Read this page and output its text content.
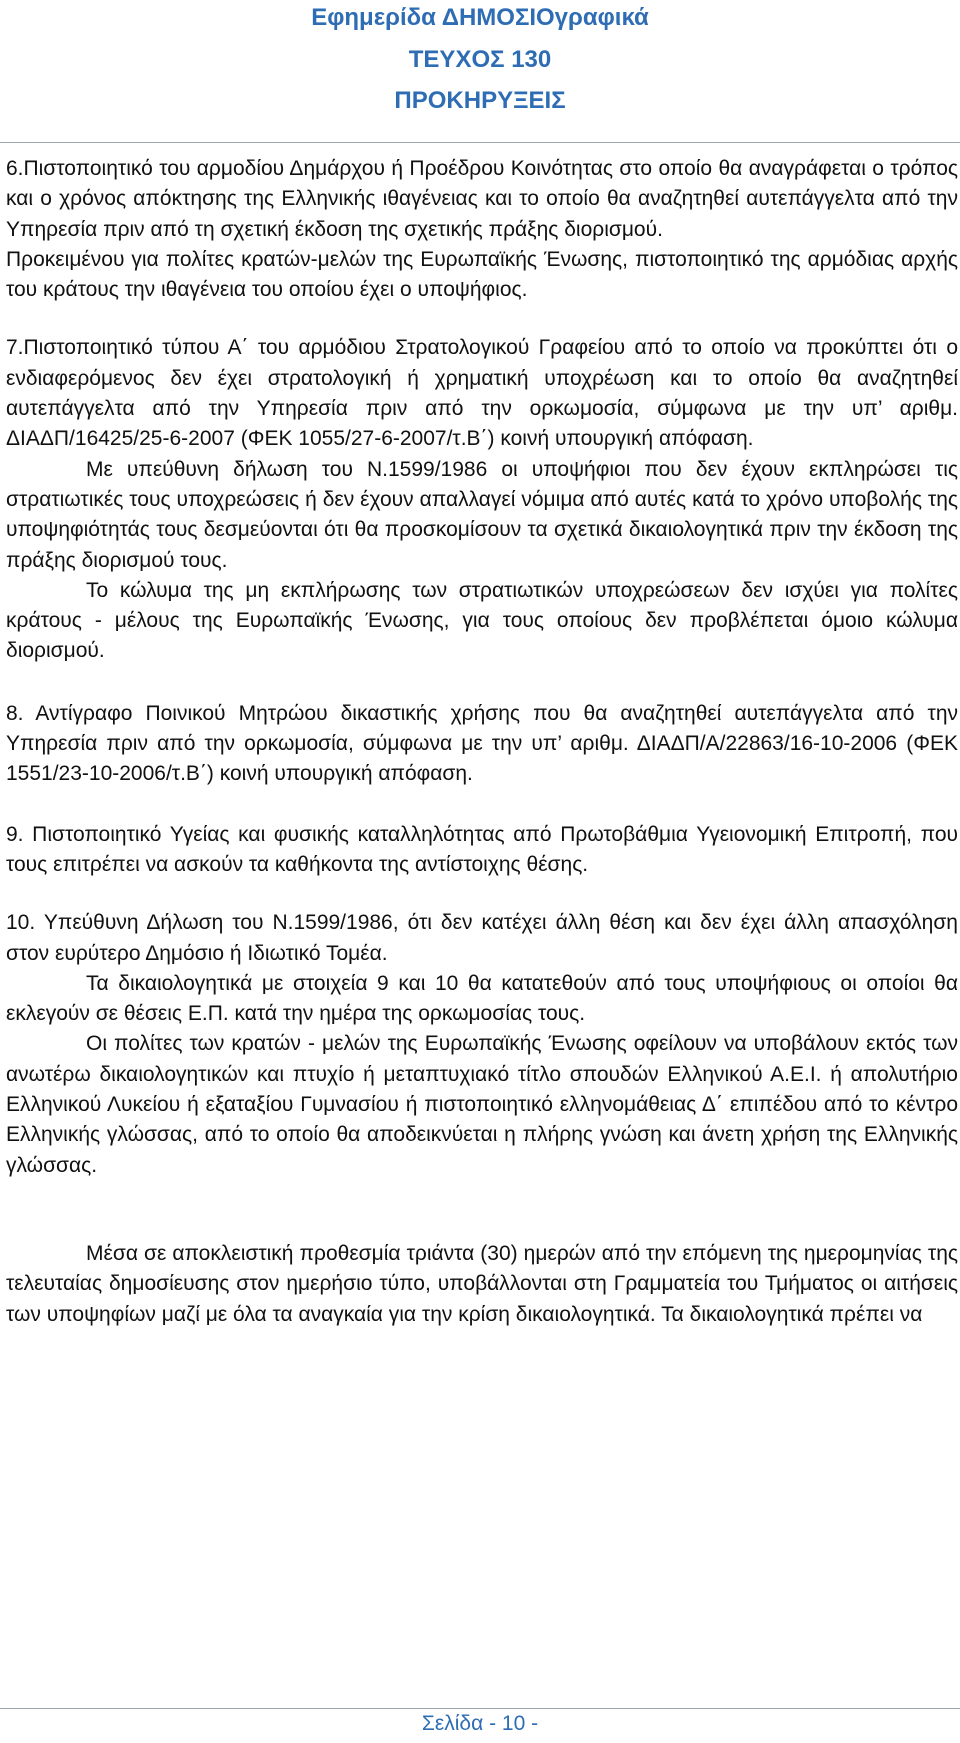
Εφημερίδα ΔΗΜΟΣΙΟγραφικά
ΤΕΥΧΟΣ 130
ΠΡΟΚΗΡΥΞΕΙΣ

6.Πιστοποιητικό του αρμοδίου Δημάρχου ή Προέδρου Κοινότητας στο οποίο θα αναγράφεται ο τρόπος και ο χρόνος απόκτησης της Ελληνικής ιθαγένειας και το οποίο θα αναζητηθεί αυτεπάγγελτα από την Υπηρεσία πριν από τη σχετική έκδοση της σχετικής πράξης διορισμού.

Προκειμένου για πολίτες κρατών-μελών της Ευρωπαϊκής Ένωσης, πιστοποιητικό της αρμόδιας αρχής του κράτους την ιθαγένεια του οποίου έχει ο υποψήφιος.

7.Πιστοποιητικό τύπου Α΄ του αρμόδιου Στρατολογικού Γραφείου από το οποίο να προκύπτει ότι ο ενδιαφερόμενος δεν έχει στρατολογική ή χρηματική υποχρέωση και το οποίο θα αναζητηθεί αυτεπάγγελτα από την Υπηρεσία πριν από την ορκωμοσία, σύμφωνα με την υπ’ αριθμ. ΔΙΑΔΠ/16425/25-6-2007 (ΦΕΚ 1055/27-6-2007/τ.Β΄) κοινή υπουργική απόφαση.

Με υπεύθυνη δήλωση του Ν.1599/1986 οι υποψήφιοι που δεν έχουν εκπληρώσει τις στρατιωτικές τους υποχρεώσεις ή δεν έχουν απαλλαγεί νόμιμα από αυτές κατά το χρόνο υποβολής της υποψηφιότητάς τους δεσμεύονται ότι θα προσκομίσουν τα σχετικά δικαιολογητικά πριν την έκδοση της πράξης διορισμού τους.

Το κώλυμα της μη εκπλήρωσης των στρατιωτικών υποχρεώσεων δεν ισχύει για πολίτες κράτους - μέλους της Ευρωπαϊκής Ένωσης, για τους οποίους δεν προβλέπεται όμοιο κώλυμα διορισμού.

8. Αντίγραφο Ποινικού Μητρώου δικαστικής χρήσης που θα αναζητηθεί αυτεπάγγελτα από την Υπηρεσία πριν από την ορκωμοσία, σύμφωνα με την υπ’ αριθμ. ΔΙΑΔΠ/Α/22863/16-10-2006 (ΦΕΚ 1551/23-10-2006/τ.Β΄) κοινή υπουργική απόφαση.

9. Πιστοποιητικό Υγείας και φυσικής καταλληλότητας από Πρωτοβάθμια Υγειονομική Επιτροπή, που τους επιτρέπει να ασκούν τα καθήκοντα της αντίστοιχης θέσης.

10. Υπεύθυνη Δήλωση του Ν.1599/1986, ότι δεν κατέχει άλλη θέση και δεν έχει άλλη απασχόληση στον ευρύτερο Δημόσιο ή Ιδιωτικό Τομέα.

Τα δικαιολογητικά με στοιχεία 9 και 10 θα κατατεθούν από τους υποψήφιους οι οποίοι θα εκλεγούν σε θέσεις Ε.Π. κατά την ημέρα της ορκωμοσίας τους.

Οι πολίτες των κρατών - μελών της Ευρωπαϊκής Ένωσης οφείλουν να υποβάλουν εκτός των ανωτέρω δικαιολογητικών και πτυχίο ή μεταπτυχιακό τίτλο σπουδών Ελληνικού Α.Ε.Ι. ή απολυτήριο Ελληνικού Λυκείου ή εξαταξίου Γυμνασίου ή πιστοποιητικό ελληνομάθειας Δ΄ επιπέδου από το κέντρο Ελληνικής γλώσσας, από το οποίο θα αποδεικνύεται η πλήρης γνώση και άνετη χρήση της Ελληνικής γλώσσας.

Μέσα σε αποκλειστική προθεσμία τριάντα (30) ημερών από την επόμενη της ημερομηνίας της τελευταίας δημοσίευσης στον ημερήσιο τύπο, υποβάλλονται στη Γραμματεία του Τμήματος οι αιτήσεις των υποψηφίων μαζί με όλα τα αναγκαία για την κρίση δικαιολογητικά. Τα δικαιολογητικά πρέπει να

Σελίδα - 10 -
